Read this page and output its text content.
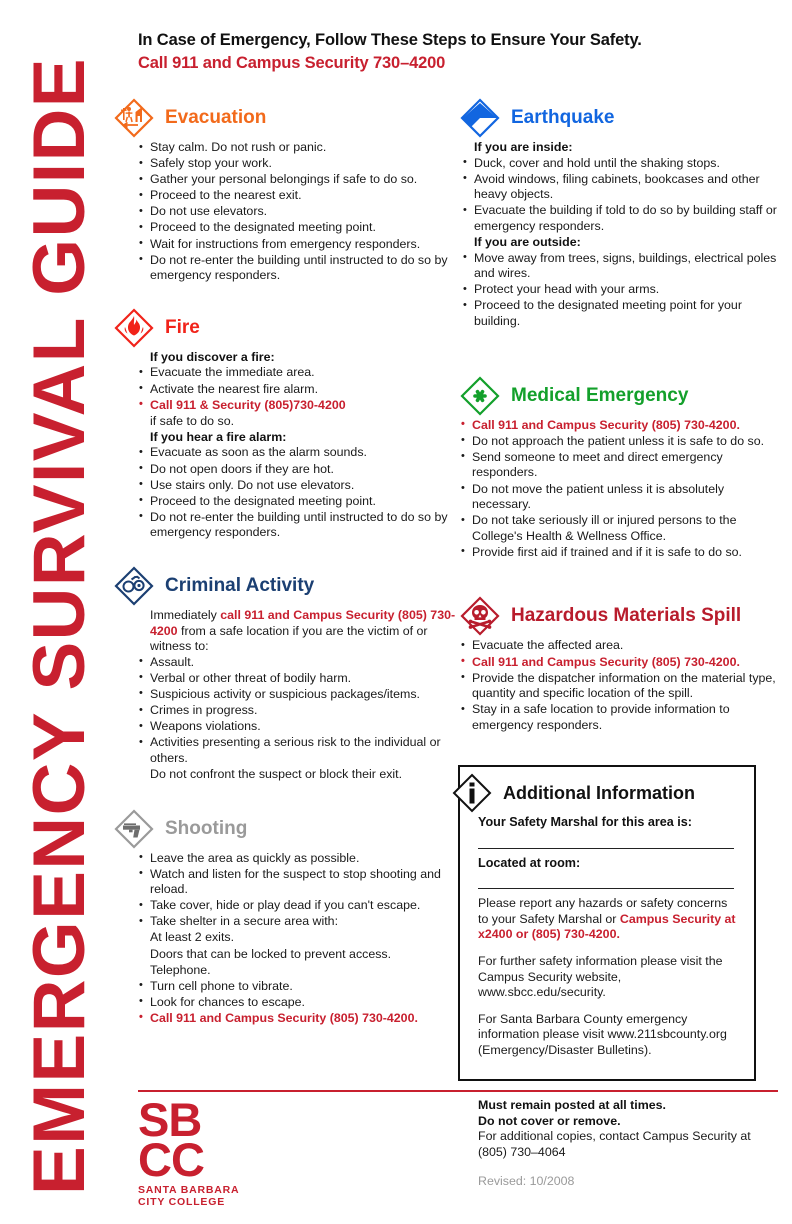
EMERGENCY SURVIVAL GUIDE
In Case of Emergency, Follow These Steps to Ensure Your Safety.
Call 911 and Campus Security 730–4200
Evacuation
• Stay calm. Do not rush or panic.
• Safely stop your work.
• Gather your personal belongings if safe to do so.
• Proceed to the nearest exit.
• Do not use elevators.
• Proceed to the designated meeting point.
• Wait for instructions from emergency responders.
• Do not re-enter the building until instructed to do so by emergency responders.
Fire
If you discover a fire:
• Evacuate the immediate area.
• Activate the nearest fire alarm.
• Call 911 & Security (805)730-4200
if safe to do so.
If you hear a fire alarm:
• Evacuate as soon as the alarm sounds.
• Do not open doors if they are hot.
• Use stairs only. Do not use elevators.
• Proceed to the designated meeting point.
• Do not re-enter the building until instructed to do so by emergency responders.
Criminal Activity
Immediately call 911 and Campus Security (805) 730-4200 from a safe location if you are the victim of or witness to:
• Assault.
• Verbal or other threat of bodily harm.
• Suspicious activity or suspicious packages/items.
• Crimes in progress.
• Weapons violations.
• Activities presenting a serious risk to the individual or others.
Do not confront the suspect or block their exit.
Shooting
• Leave the area as quickly as possible.
• Watch and listen for the suspect to stop shooting and reload.
• Take cover, hide or play dead if you can't escape.
• Take shelter in a secure area with:
At least 2 exits.
Doors that can be locked to prevent access.
Telephone.
• Turn cell phone to vibrate.
• Look for chances to escape.
• Call 911 and Campus Security (805) 730-4200.
Earthquake
If you are inside:
• Duck, cover and hold until the shaking stops.
• Avoid windows, filing cabinets, bookcases and other heavy objects.
• Evacuate the building if told to do so by building staff or emergency responders.
If you are outside:
• Move away from trees, signs, buildings, electrical poles and wires.
• Protect your head with your arms.
• Proceed to the designated meeting point for your building.
Medical Emergency
• Call 911 and Campus Security (805) 730-4200.
• Do not approach the patient unless it is safe to do so.
• Send someone to meet and direct emergency responders.
• Do not move the patient unless it is absolutely necessary.
• Do not take seriously ill or injured persons to the College's Health & Wellness Office.
• Provide first aid if trained and if it is safe to do so.
Hazardous Materials Spill
• Evacuate the affected area.
• Call 911 and Campus Security (805) 730-4200.
• Provide the dispatcher information on the material type, quantity and specific location of the spill.
• Stay in a safe location to provide information to emergency responders.
Additional Information
Your Safety Marshal for this area is:
Located at room:
Please report any hazards or safety concerns to your Safety Marshal or Campus Security at x2400 or (805) 730-4200.
For further safety information please visit the Campus Security website, www.sbcc.edu/security.
For Santa Barbara County emergency information please visit www.211sbcounty.org (Emergency/Disaster Bulletins).
SB
CC
SANTA BARBARA
CITY COLLEGE
Must remain posted at all times.
Do not cover or remove.
For additional copies, contact Campus Security at (805) 730–4064
Revised: 10/2008
